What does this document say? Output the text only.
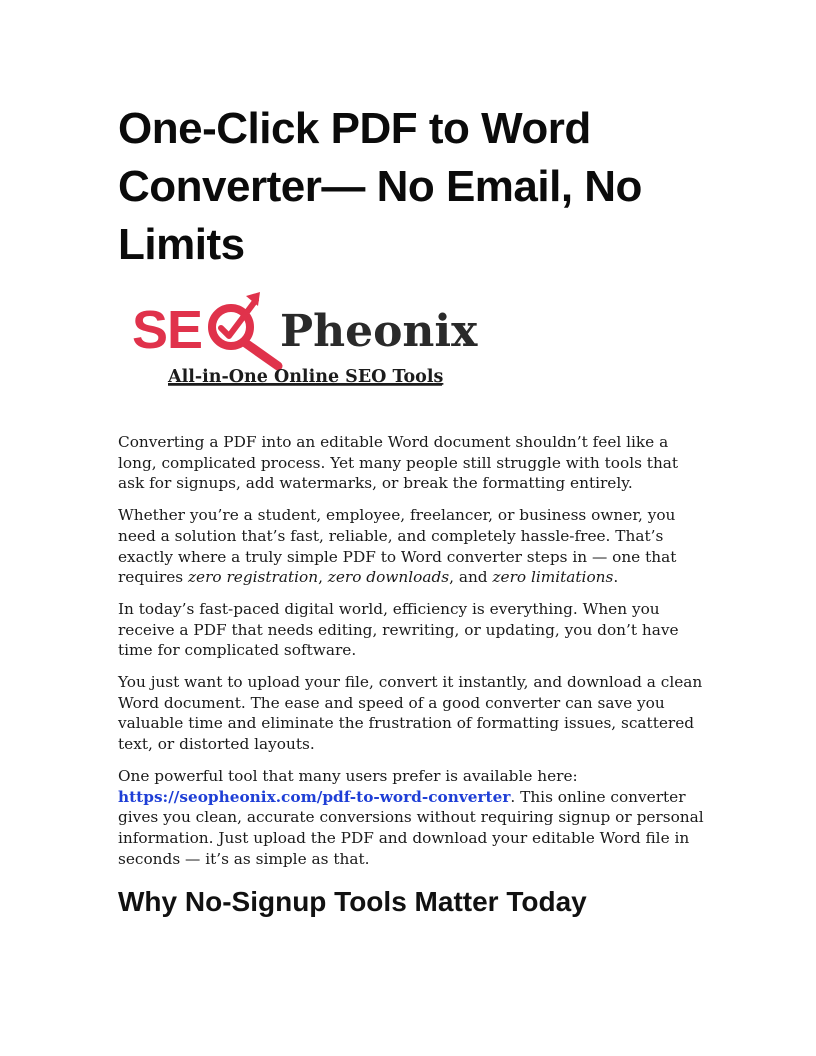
One-Click PDF to Word Converter— No Email, No Limits
SE Pheonix
All-in-One Online SEO Tools

Converting a PDF into an editable Word document shouldn’t feel like a long, complicated process. Yet many people still struggle with tools that ask for signups, add watermarks, or break the formatting entirely.

Whether you’re a student, employee, freelancer, or business owner, you need a solution that’s fast, reliable, and completely hassle-free. That’s exactly where a truly simple PDF to Word converter steps in — one that requires zero registration, zero downloads, and zero limitations.

In today’s fast-paced digital world, efficiency is everything. When you receive a PDF that needs editing, rewriting, or updating, you don’t have time for complicated software.

You just want to upload your file, convert it instantly, and download a clean Word document. The ease and speed of a good converter can save you valuable time and eliminate the frustration of formatting issues, scattered text, or distorted layouts.

One powerful tool that many users prefer is available here: https://seopheonix.com/pdf-to-word-converter. This online converter gives you clean, accurate conversions without requiring signup or personal information. Just upload the PDF and download your editable Word file in seconds — it’s as simple as that.

Why No-Signup Tools Matter Today
